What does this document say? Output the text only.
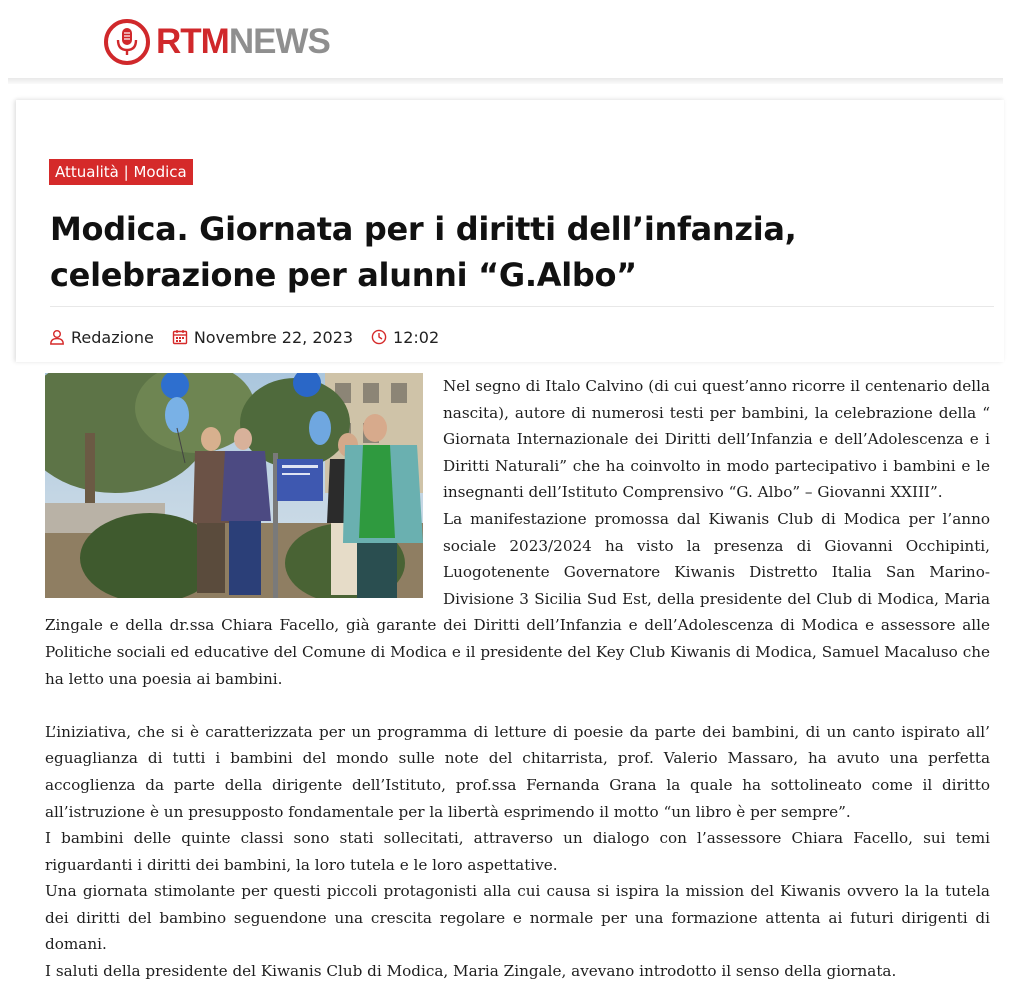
RTM NEWS
Attualità | Modica
Modica. Giornata per i diritti dell’infanzia, celebrazione per alunni “G.Albo”
Redazione	Novembre 22, 2023	12:02

Nel segno di Italo Calvino (di cui quest’anno ricorre il centenario della nascita), autore di numerosi testi per bambini, la celebrazione della “ Giornata Internazionale dei Diritti dell’Infanzia e dell’Adolescenza e i Diritti Naturali” che ha coinvolto in modo partecipativo i bambini e le insegnanti dell’Istituto Comprensivo “G. Albo” – Giovanni XXIII”.

La manifestazione promossa dal Kiwanis Club di Modica per l’anno sociale 2023/2024 ha visto la presenza di Giovanni Occhipinti, Luogotenente Governatore Kiwanis Distretto Italia San Marino- Divisione 3 Sicilia Sud Est, della presidente del Club di Modica, Maria Zingale e della dr.ssa Chiara Facello, già garante dei Diritti dell’Infanzia e dell’Adolescenza di Modica e assessore alle Politiche sociali ed educative del Comune di Modica e il presidente del Key Club Kiwanis di Modica, Samuel Macaluso che ha letto una poesia ai bambini.

L’iniziativa, che si è caratterizzata per un programma di letture di poesie da parte dei bambini, di un canto ispirato all’ eguaglianza di tutti i bambini del mondo sulle note del chitarrista, prof. Valerio Massaro, ha avuto una perfetta accoglienza da parte della dirigente dell’Istituto, prof.ssa Fernanda Grana la quale ha sottolineato come il diritto all’istruzione è un presupposto fondamentale per la libertà esprimendo il motto “un libro è per sempre”.

I bambini delle quinte classi sono stati sollecitati, attraverso un dialogo con l’assessore Chiara Facello, sui temi riguardanti i diritti dei bambini, la loro tutela e le loro aspettative.

Una giornata stimolante per questi piccoli protagonisti alla cui causa si ispira la mission del Kiwanis ovvero la la tutela dei diritti del bambino seguendone una crescita regolare e normale per una formazione attenta ai futuri dirigenti di domani.

I saluti della presidente del Kiwanis Club di Modica, Maria Zingale, avevano introdotto il senso della giornata.
